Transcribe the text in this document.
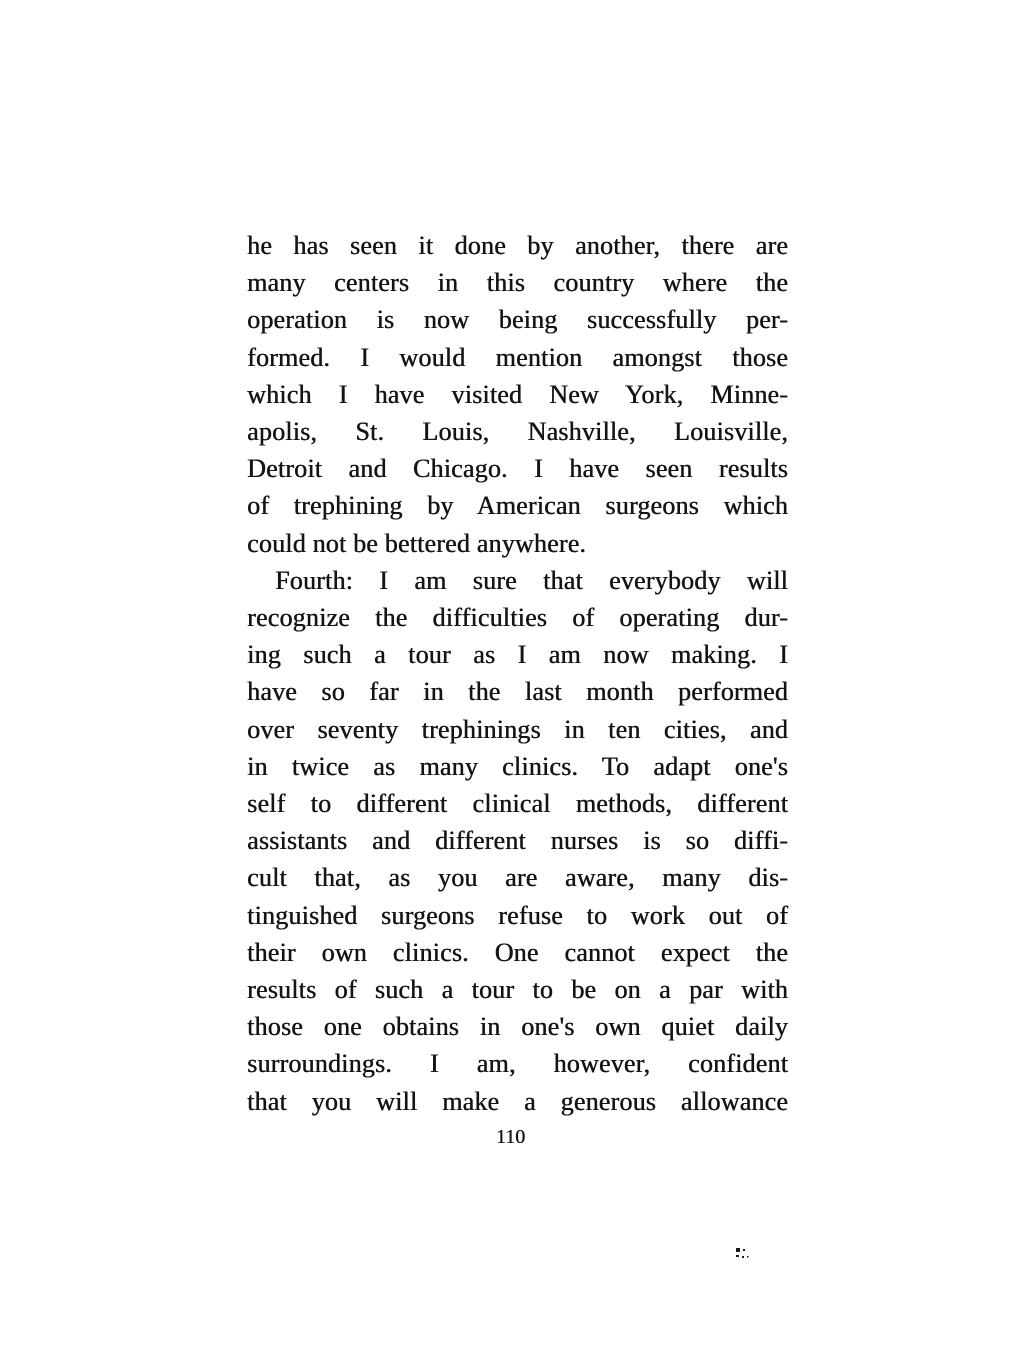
he has seen it done by another, there are
many centers in this country where the
operation is now being successfully per-
formed. I would mention amongst those
which I have visited New York, Minne-
apolis, St. Louis, Nashville, Louisville,
Detroit and Chicago. I have seen results
of trephining by American surgeons which
could not be bettered anywhere.
Fourth: I am sure that everybody will
recognize the difficulties of operating dur-
ing such a tour as I am now making. I
have so far in the last month performed
over seventy trephinings in ten cities, and
in twice as many clinics. To adapt one's
self to different clinical methods, different
assistants and different nurses is so diffi-
cult that, as you are aware, many dis-
tinguished surgeons refuse to work out of
their own clinics. One cannot expect the
results of such a tour to be on a par with
those one obtains in one's own quiet daily
surroundings. I am, however, confident
that you will make a generous allowance
110
